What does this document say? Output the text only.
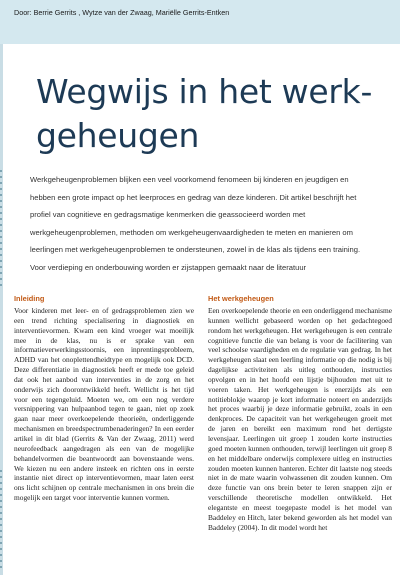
Door: Berrie Gerrits , Wytze van der Zwaag, Mariëlle Gerrits-Entken
Wegwijs in het werk-
geheugen

Werkgeheugenproblemen blijken een veel voorkomend fenomeen bij kinderen en jeugdigen en hebben een grote impact op het leerproces en gedrag van deze kinderen. Dit artikel beschrijft het profiel van cognitieve en gedragsmatige kenmerken die geassocieerd worden met werkgeheugenproblemen, methoden om werkgeheugenvaardigheden te meten en manieren om leerlingen met werkgeheugenproblemen te ondersteunen, zowel in de klas als tijdens een training. Voor verdieping en onderbouwing worden er zijstappen gemaakt naar de literatuur

Inleiding
Voor kinderen met leer- en of gedragsproblemen zien we een trend richting specialisering in diagnostiek en interventievormen. Kwam een kind vroeger wat moeilijk mee in de klas, nu is er sprake van een informatieverwerkingsstoornis, een inprentingsprobleem, ADHD van het onoplettendheidtype en mogelijk ook DCD. Deze differentiatie in diagnostiek heeft er mede toe geleid dat ook het aanbod van interventies in de zorg en het onderwijs zich doorontwikkeld heeft. Wellicht is het tijd voor een tegengeluid. Moeten we, om een nog verdere versnippering van hulpaanbod tegen te gaan, niet op zoek gaan naar meer overkoepelende theorieën, onderliggende mechanismen en breedspectrumbenaderingen? In een eerder artikel in dit blad (Gerrits & Van der Zwaag, 2011) werd neurofeedback aangedragen als een van de mogelijke behandelvormen die beantwoordt aan bovenstaande wens. We kiezen nu een andere insteek en richten ons in eerste instantie niet direct op interventievormen, maar laten eerst ons licht schijnen op centrale mechanismen in ons brein die mogelijk een target voor interventie kunnen vormen.
Het werkgeheugen
Een overkoepelende theorie en een onderliggend mechanisme kunnen wellicht gebaseerd worden op het gedachtegoed rondom het werkgeheugen. Het werkgeheugen is een centrale cognitieve functie die van belang is voor de facilitering van veel schoolse vaardigheden en de regulatie van gedrag. In het werkgeheugen slaat een leerling informatie op die nodig is bij dagelijkse activiteiten als uitleg onthouden, instructies opvolgen en in het hoofd een lijstje bijhouden met uit te voeren taken. Het werkgeheugen is enerzijds als een notitieblokje waarop je kort informatie noteert en anderzijds het proces waarbij je deze informatie gebruikt, zoals in een denkproces. De capaciteit van het werkgeheugen groeit met de jaren en bereikt een maximum rond het dertigste levensjaar. Leerlingen uit groep 1 zouden korte instructies goed moeten kunnen onthouden, terwijl leerlingen uit groep 8 en het middelbare onderwijs complexere uitleg en instructies zouden moeten kunnen hanteren. Echter dit laatste nog steeds niet in de mate waarin volwassenen dit zouden kunnen. Om deze functie van ons brein beter te leren snappen zijn er verschillende theoretische modellen ontwikkeld. Het elegantste en meest toegepaste model is het model van Baddeley en Hitch, later bekend geworden als het model van Baddeley (2004). In dit model wordt het
